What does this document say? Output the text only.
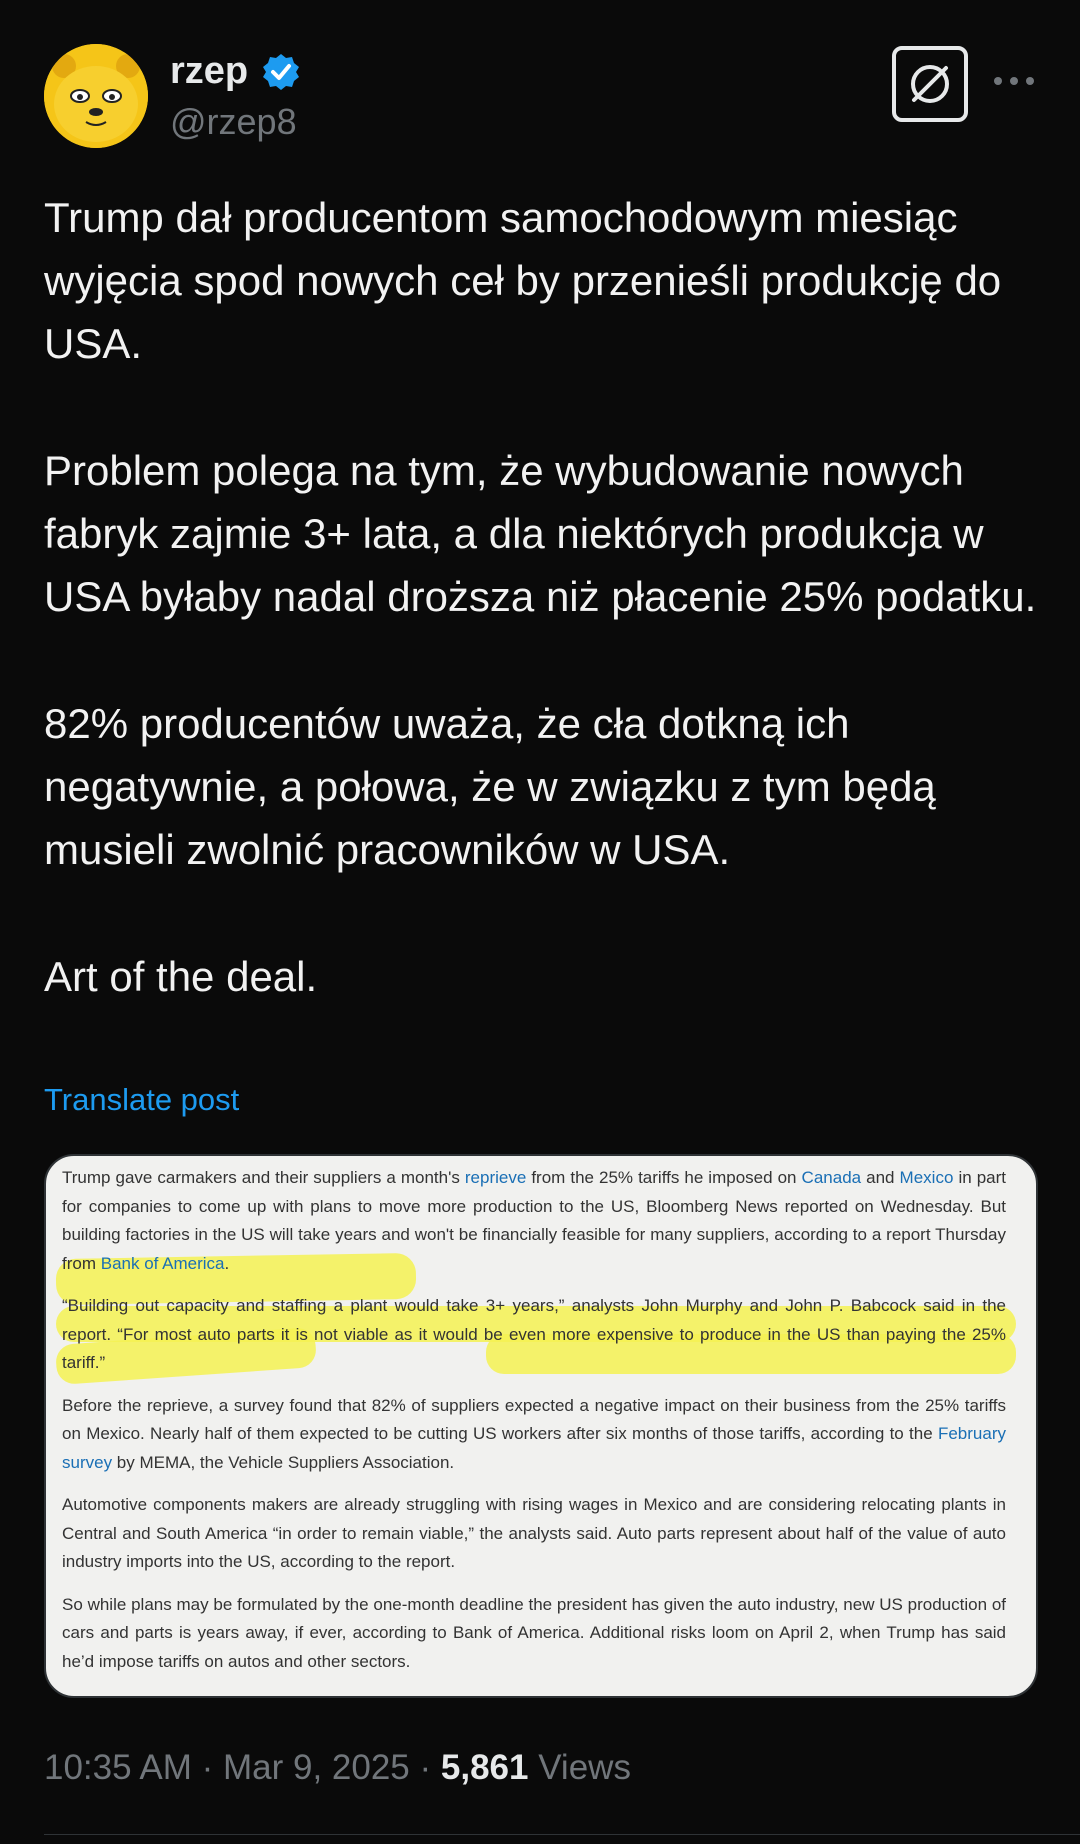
rzep
@rzep8

Trump dał producentom samochodowym miesiąc wyjęcia spod nowych ceł by przenieśli produkcję do USA.

Problem polega na tym, że wybudowanie nowych fabryk zajmie 3+ lata, a dla niektórych produkcja w USA byłaby nadal droższa niż płacenie 25% podatku.

82% producentów uważa, że cła dotkną ich negatywnie, a połowa, że w związku z tym będą musieli zwolnić pracowników w USA.

Art of the deal.

Translate post

Trump gave carmakers and their suppliers a month's reprieve from the 25% tariffs he imposed on Canada and Mexico in part for companies to come up with plans to move more production to the US, Bloomberg News reported on Wednesday. But building factories in the US will take years and won't be financially feasible for many suppliers, according to a report Thursday from Bank of America.

“Building out capacity and staffing a plant would take 3+ years,” analysts John Murphy and John P. Babcock said in the report. “For most auto parts it is not viable as it would be even more expensive to produce in the US than paying the 25% tariff.”

Before the reprieve, a survey found that 82% of suppliers expected a negative impact on their business from the 25% tariffs on Mexico. Nearly half of them expected to be cutting US workers after six months of those tariffs, according to the February survey by MEMA, the Vehicle Suppliers Association.

Automotive components makers are already struggling with rising wages in Mexico and are considering relocating plants in Central and South America “in order to remain viable,” the analysts said. Auto parts represent about half of the value of auto industry imports into the US, according to the report.

So while plans may be formulated by the one-month deadline the president has given the auto industry, new US production of cars and parts is years away, if ever, according to Bank of America. Additional risks loom on April 2, when Trump has said he’d impose tariffs on autos and other sectors.

10:35 AM · Mar 9, 2025 · 5,861 Views
